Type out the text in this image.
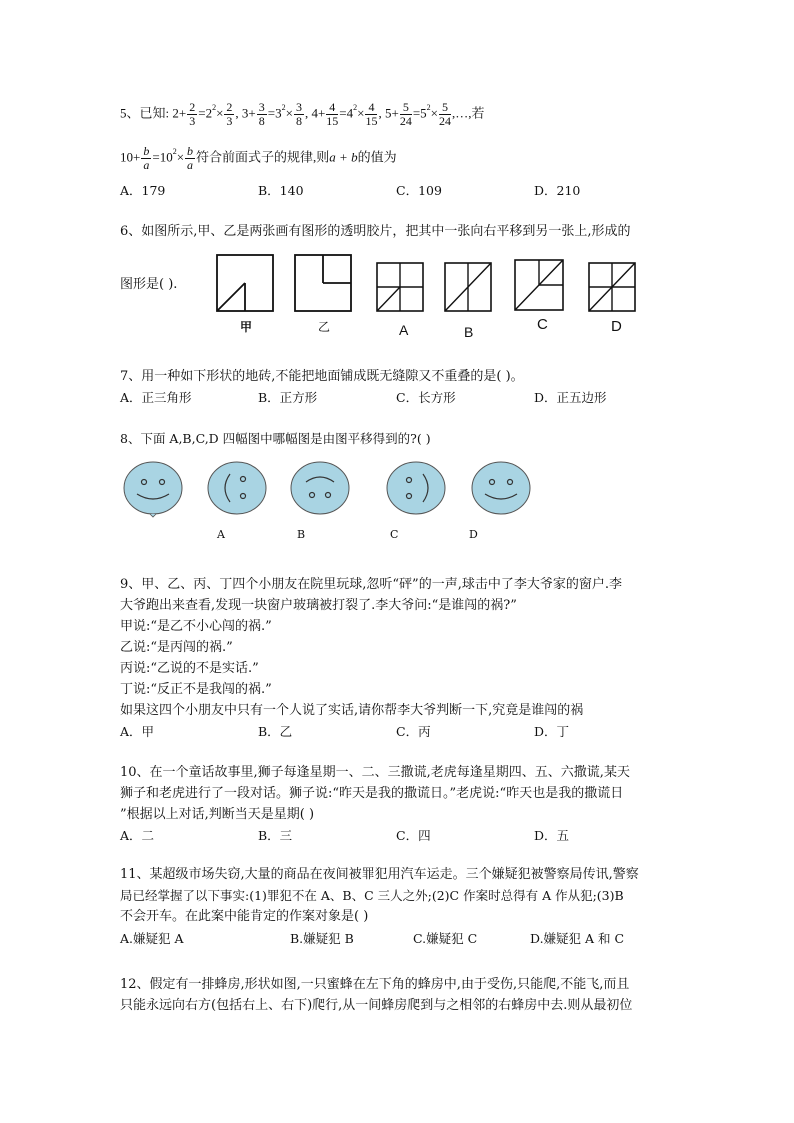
5、已知: $2+ \frac{2}{3} =2^2\times \frac{2}{3}$ , $3+ \frac{3}{8} =3^2\times \frac{3}{8}$ , $4+ \frac{4}{15} =4^2\times \frac{4}{15}$ , $5+ \frac{5}{24} =5^2\times \frac{5}{24}$ ,…,若
$10+ \frac{b}{a} =10^2\times \frac{b}{a}$ 符合前面式子的规律,则a + b的值为
A．179	B．140	C．109	D．210
6、如图所示,甲、乙是两张画有图形的透明胶片，把其中一张向右平移到另一张上,形成的
图形是( ).
甲	乙	A	B	C	D
7、用一种如下形状的地砖,不能把地面铺成既无缝隙又不重叠的是( )。
A．正三角形	B．正方形	C．长方形	D．正五边形
8、下面 A,B,C,D 四幅图中哪幅图是由图平移得到的?( )
A	B	C	D
9、甲、乙、丙、丁四个小朋友在院里玩球,忽听“砰”的一声,球击中了李大爷家的窗户.李
大爷跑出来查看,发现一块窗户玻璃被打裂了.李大爷问:“是谁闯的祸?”
甲说:“是乙不小心闯的祸.”
乙说:“是丙闯的祸.”
丙说:“乙说的不是实话.”
丁说:“反正不是我闯的祸.”
如果这四个小朋友中只有一个人说了实话,请你帮李大爷判断一下,究竟是谁闯的祸
A．甲	B．乙	C．丙	D．丁
10、在一个童话故事里,狮子每逢星期一、二、三撒谎,老虎每逢星期四、五、六撒谎,某天
狮子和老虎进行了一段对话。狮子说:“昨天是我的撒谎日。”老虎说:“昨天也是我的撒谎日
”根据以上对话,判断当天是星期( )
A．二	B．三	C．四	D．五
11、某超级市场失窃,大量的商品在夜间被罪犯用汽车运走。三个嫌疑犯被警察局传讯,警察
局已经掌握了以下事实:(1)罪犯不在 A、B、C 三人之外;(2)C 作案时总得有 A 作从犯;(3)B
不会开车。在此案中能肯定的作案对象是( )
A.嫌疑犯 A	B.嫌疑犯 B	C.嫌疑犯 C	D.嫌疑犯 A 和 C
12、假定有一排蜂房,形状如图,一只蜜蜂在左下角的蜂房中,由于受伤,只能爬,不能飞,而且
只能永远向右方(包括右上、右下)爬行,从一间蜂房爬到与之相邻的右蜂房中去.则从最初位
